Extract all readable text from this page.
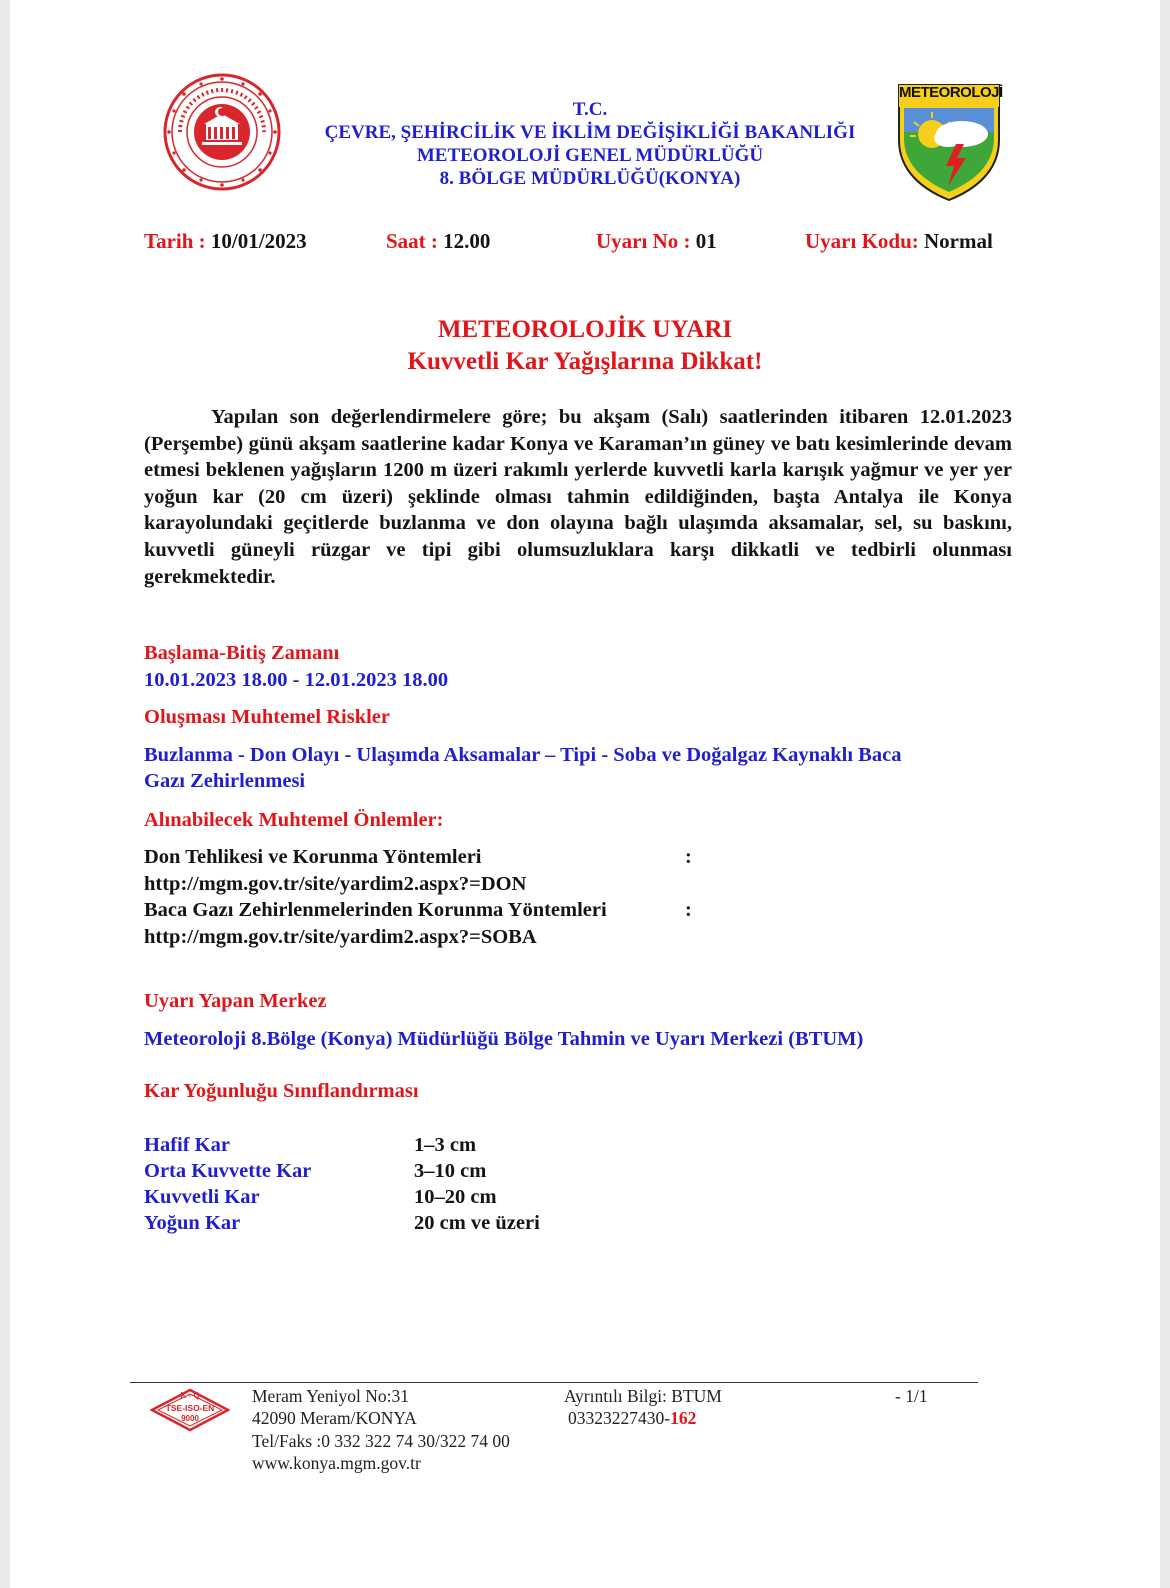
T.C.
ÇEVRE, ŞEHİRCİLİK VE İKLİM DEĞİŞİKLİĞİ BAKANLIĞI
METEOROLOJİ GENEL MÜDÜRLÜĞÜ
8. BÖLGE MÜDÜRLÜĞÜ(KONYA)
METEOROLOJİ
Tarih : 10/01/2023	Saat : 12.00	Uyarı No : 01	Uyarı Kodu: Normal
METEOROLOJİK UYARI
Kuvvetli Kar Yağışlarına Dikkat!
Yapılan son değerlendirmelere göre; bu akşam (Salı) saatlerinden itibaren 12.01.2023 (Perşembe) günü akşam saatlerine kadar Konya ve Karaman’ın güney ve batı kesimlerinde devam etmesi beklenen yağışların 1200 m üzeri rakımlı yerlerde kuvvetli karla karışık yağmur ve yer yer yoğun kar (20 cm üzeri) şeklinde olması tahmin edildiğinden, başta Antalya ile Konya karayolundaki geçitlerde buzlanma ve don olayına bağlı ulaşımda aksamalar, sel, su baskını, kuvvetli güneyli rüzgar ve tipi gibi olumsuzluklara karşı dikkatli ve tedbirli olunması gerekmektedir.
Başlama-Bitiş Zamanı
10.01.2023 18.00 - 12.01.2023 18.00
Oluşması Muhtemel Riskler
Buzlanma - Don Olayı - Ulaşımda Aksamalar – Tipi - Soba ve Doğalgaz Kaynaklı Baca
Gazı Zehirlenmesi
Alınabilecek Muhtemel Önlemler:
Don Tehlikesi ve Korunma Yöntemleri	:
http://mgm.gov.tr/site/yardim2.aspx?=DON
Baca Gazı Zehirlenmelerinden Korunma Yöntemleri	:
http://mgm.gov.tr/site/yardim2.aspx?=SOBA
Uyarı Yapan Merkez
Meteoroloji 8.Bölge (Konya) Müdürlüğü Bölge Tahmin ve Uyarı Merkezi (BTUM)
Kar Yoğunluğu Sınıflandırması
Hafif Kar	1–3 cm
Orta Kuvvette Kar	3–10 cm
Kuvvetli Kar	10–20 cm
Yoğun Kar	20 cm ve üzeri
K - Q
TSE-ISO-EN
9000
Meram Yeniyol No:31
42090 Meram/KONYA
Tel/Faks :0 332 322 74 30/322 74 00
www.konya.mgm.gov.tr
Ayrıntılı Bilgi: BTUM
03323227430-162
- 1/1
